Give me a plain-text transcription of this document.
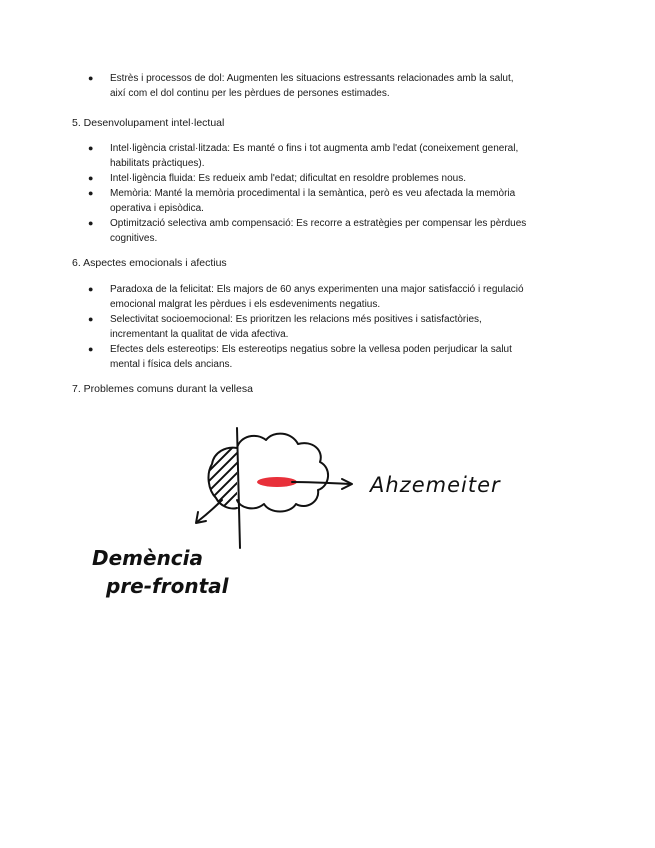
● Estrès i processos de dol: Augmenten les situacions estressants relacionades amb la salut, així com el dol continu per les pèrdues de persones estimades.

5. Desenvolupament intel·lectual

● Intel·ligència cristal·litzada: Es manté o fins i tot augmenta amb l'edat (coneixement general, habilitats pràctiques).
● Intel·ligència fluida: Es redueix amb l'edat; dificultat en resoldre problemes nous.
● Memòria: Manté la memòria procedimental i la semàntica, però es veu afectada la memòria operativa i episòdica.
● Optimització selectiva amb compensació: Es recorre a estratègies per compensar les pèrdues cognitives.

6. Aspectes emocionals i afectius

● Paradoxa de la felicitat: Els majors de 60 anys experimenten una major satisfacció i regulació emocional malgrat les pèrdues i els esdeveniments negatius.
● Selectivitat socioemocional: Es prioritzen les relacions més positives i satisfactòries, incrementant la qualitat de vida afectiva.
● Efectes dels estereotips: Els estereotips negatius sobre la vellesa poden perjudicar la salut mental i física dels ancians.

7. Problemes comuns durant la vellesa

Ahzemeiter
Demència
pre-frontal
